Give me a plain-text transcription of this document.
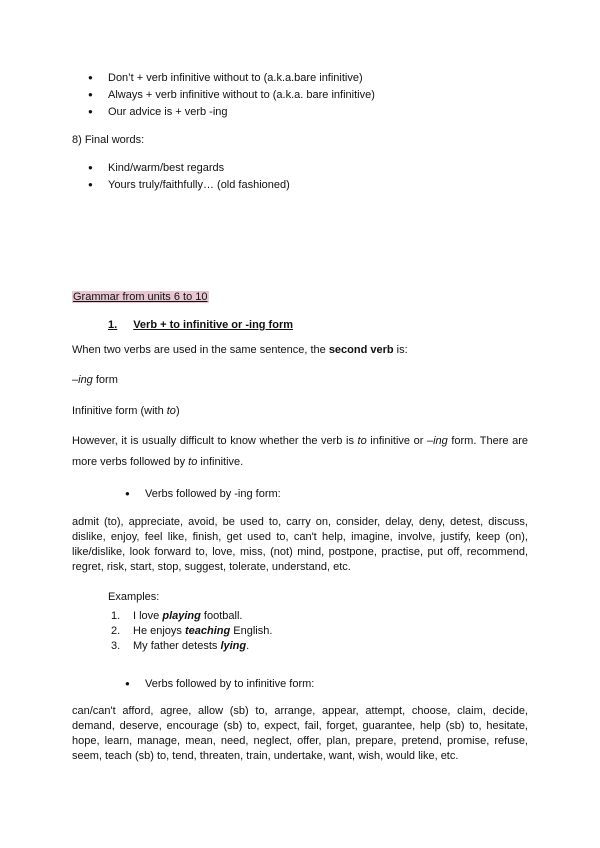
● Don’t + verb infinitive without to (a.k.a.bare infinitive)
● Always + verb infinitive without to (a.k.a. bare infinitive)
● Our advice is + verb -ing
8) Final words:
● Kind/warm/best regards
● Yours truly/faithfully… (old fashioned)
Grammar from units 6 to 10
1. Verb + to infinitive or -ing form
When two verbs are used in the same sentence, the second verb is:
–ing form
Infinitive form (with to)
However, it is usually difficult to know whether the verb is to infinitive or –ing form. There are
more verbs followed by to infinitive.
● Verbs followed by -ing form:
admit (to), appreciate, avoid, be used to, carry on, consider, delay, deny, detest, discuss,
dislike, enjoy, feel like, finish, get used to, can't help, imagine, involve, justify, keep (on),
like/dislike, look forward to, love, miss, (not) mind, postpone, practise, put off, recommend,
regret, risk, start, stop, suggest, tolerate, understand, etc.
Examples:
1. I love playing football.
2. He enjoys teaching English.
3. My father detests lying.
● Verbs followed by to infinitive form:
can/can't afford, agree, allow (sb) to, arrange, appear, attempt, choose, claim, decide,
demand, deserve, encourage (sb) to, expect, fail, forget, guarantee, help (sb) to, hesitate,
hope, learn, manage, mean, need, neglect, offer, plan, prepare, pretend, promise, refuse,
seem, teach (sb) to, tend, threaten, train, undertake, want, wish, would like, etc.
